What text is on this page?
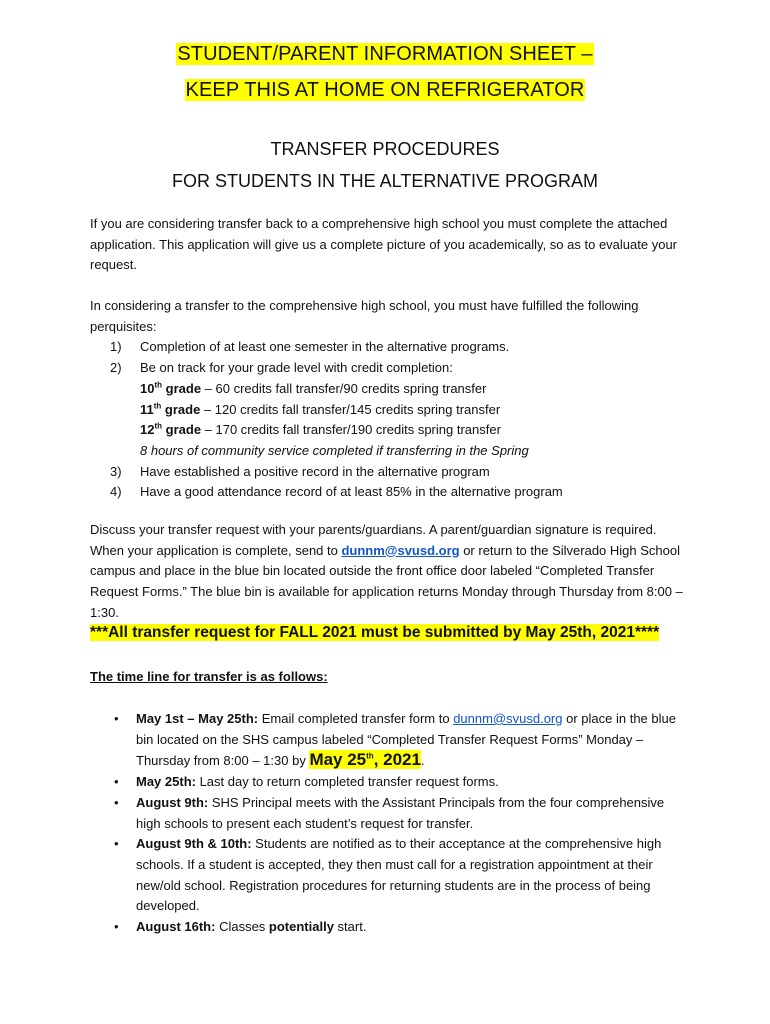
STUDENT/PARENT INFORMATION SHEET –
KEEP THIS AT HOME ON REFRIGERATOR
TRANSFER PROCEDURES
FOR STUDENTS IN THE ALTERNATIVE PROGRAM
If you are considering transfer back to a comprehensive high school you must complete the attached application. This application will give us a complete picture of you academically, so as to evaluate your request.
In considering a transfer to the comprehensive high school, you must have fulfilled the following perquisites:
1) Completion of at least one semester in the alternative programs.
2) Be on track for your grade level with credit completion:
10th grade – 60 credits fall transfer/90 credits spring transfer
11th grade – 120 credits fall transfer/145 credits spring transfer
12th grade – 170 credits fall transfer/190 credits spring transfer
8 hours of community service completed if transferring in the Spring
3) Have established a positive record in the alternative program
4) Have a good attendance record of at least 85% in the alternative program
Discuss your transfer request with your parents/guardians. A parent/guardian signature is required. When your application is complete, send to dunnm@svusd.org or return to the Silverado High School campus and place in the blue bin located outside the front office door labeled “Completed Transfer Request Forms.” The blue bin is available for application returns Monday through Thursday from 8:00 – 1:30.
***All transfer request for FALL 2021 must be submitted by May 25th, 2021****
The time line for transfer is as follows:
• May 1st – May 25th: Email completed transfer form to dunnm@svusd.org or place in the blue bin located on the SHS campus labeled “Completed Transfer Request Forms” Monday – Thursday from 8:00 – 1:30 by May 25th, 2021.
• May 25th: Last day to return completed transfer request forms.
• August 9th: SHS Principal meets with the Assistant Principals from the four comprehensive high schools to present each student’s request for transfer.
• August 9th & 10th: Students are notified as to their acceptance at the comprehensive high schools. If a student is accepted, they then must call for a registration appointment at their new/old school. Registration procedures for returning students are in the process of being developed.
• August 16th: Classes potentially start.
